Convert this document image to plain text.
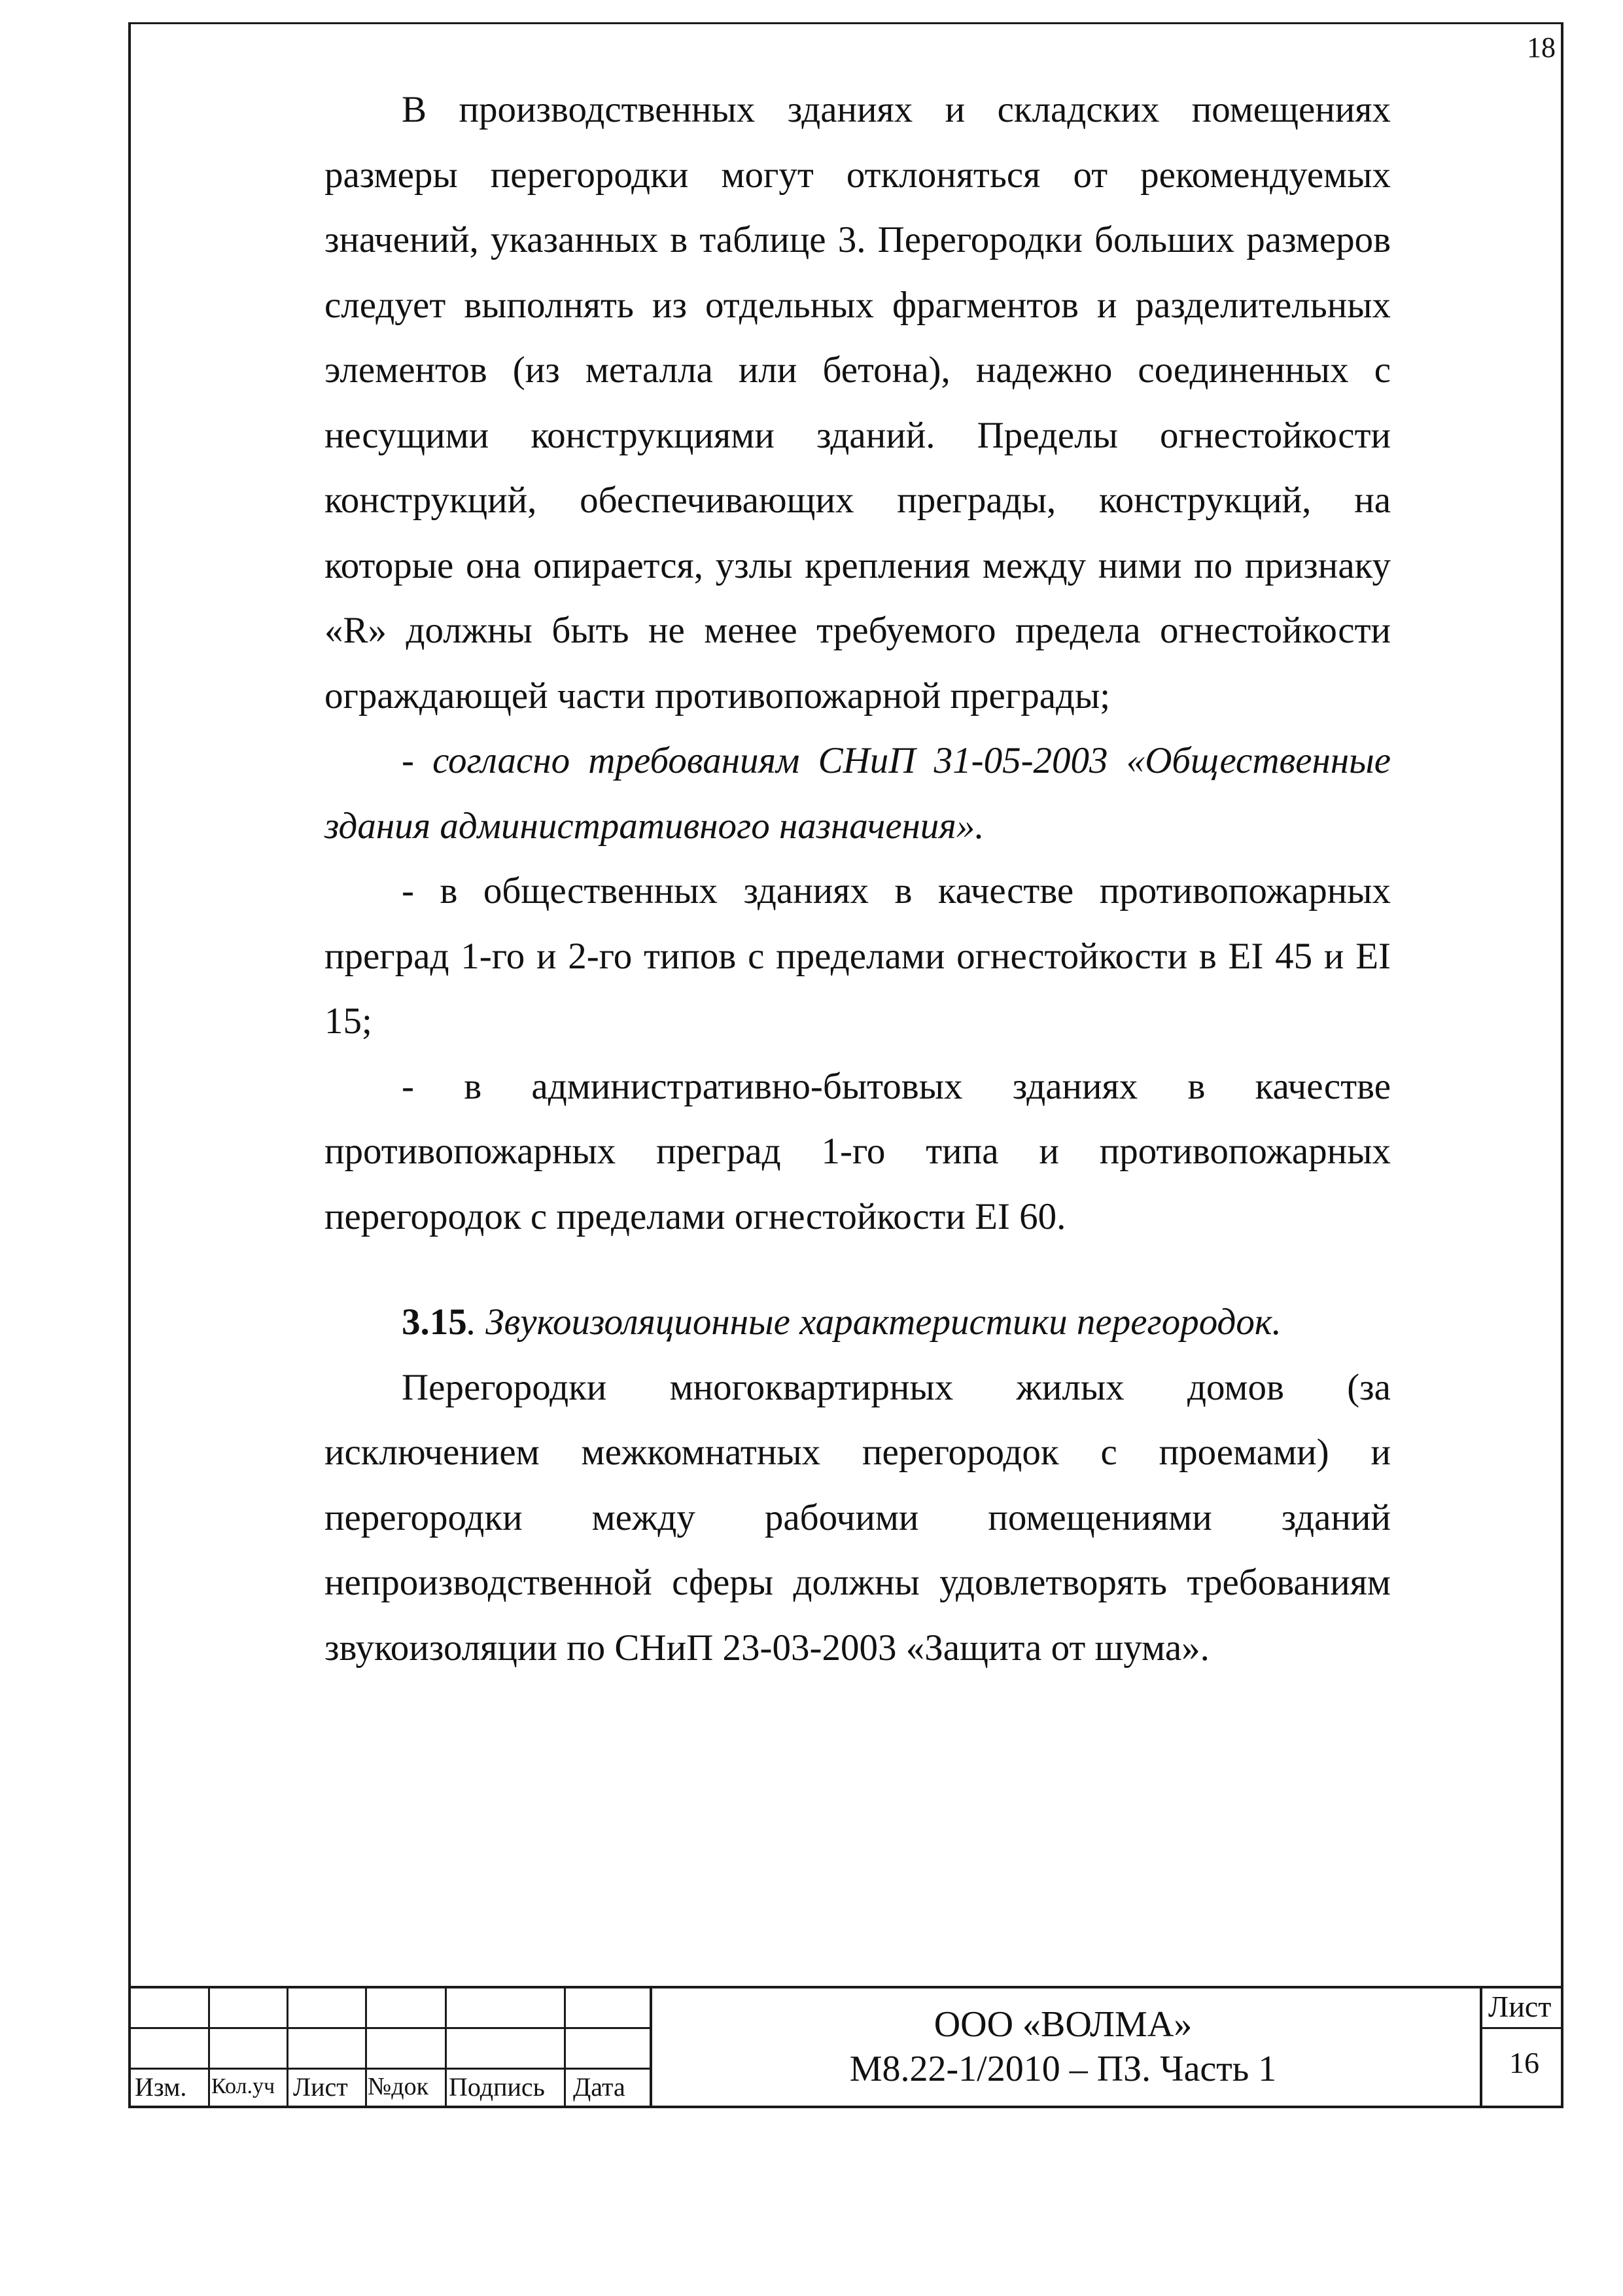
18

В производственных зданиях и складских помещениях размеры перегородки могут отклоняться от рекомендуемых значений, указанных в таблице 3. Перегородки больших размеров следует выполнять из отдельных фрагментов и разделительных элементов (из металла или бетона), надежно соединенных с несущими конструкциями зданий. Пределы огнестойкости конструкций, обеспечивающих преграды, конструкций, на которые она опирается, узлы крепления между ними по признаку «R» должны быть не менее требуемого предела огнестойкости ограждающей части противопожарной преграды;

- согласно требованиям СНиП 31-05-2003 «Общественные здания административного назначения».

- в общественных зданиях в качестве противопожарных преград 1-го и 2-го типов с пределами огнестойкости в EI 45 и EI 15;

- в административно-бытовых зданиях в качестве противопожарных преград 1-го типа и противопожарных перегородок с пределами огнестойкости EI 60.

3.15. Звукоизоляционные характеристики перегородок.

Перегородки многоквартирных жилых домов (за исключением межкомнатных перегородок с проемами) и перегородки между рабочими помещениями зданий непроизводственной сферы должны удовлетворять требованиям звукоизоляции по СНиП 23-03-2003 «Защита от шума».

Изм. Кол.уч Лист №док Подпись Дата
ООО «ВОЛМА»
М8.22-1/2010 – ПЗ. Часть 1
Лист
16
